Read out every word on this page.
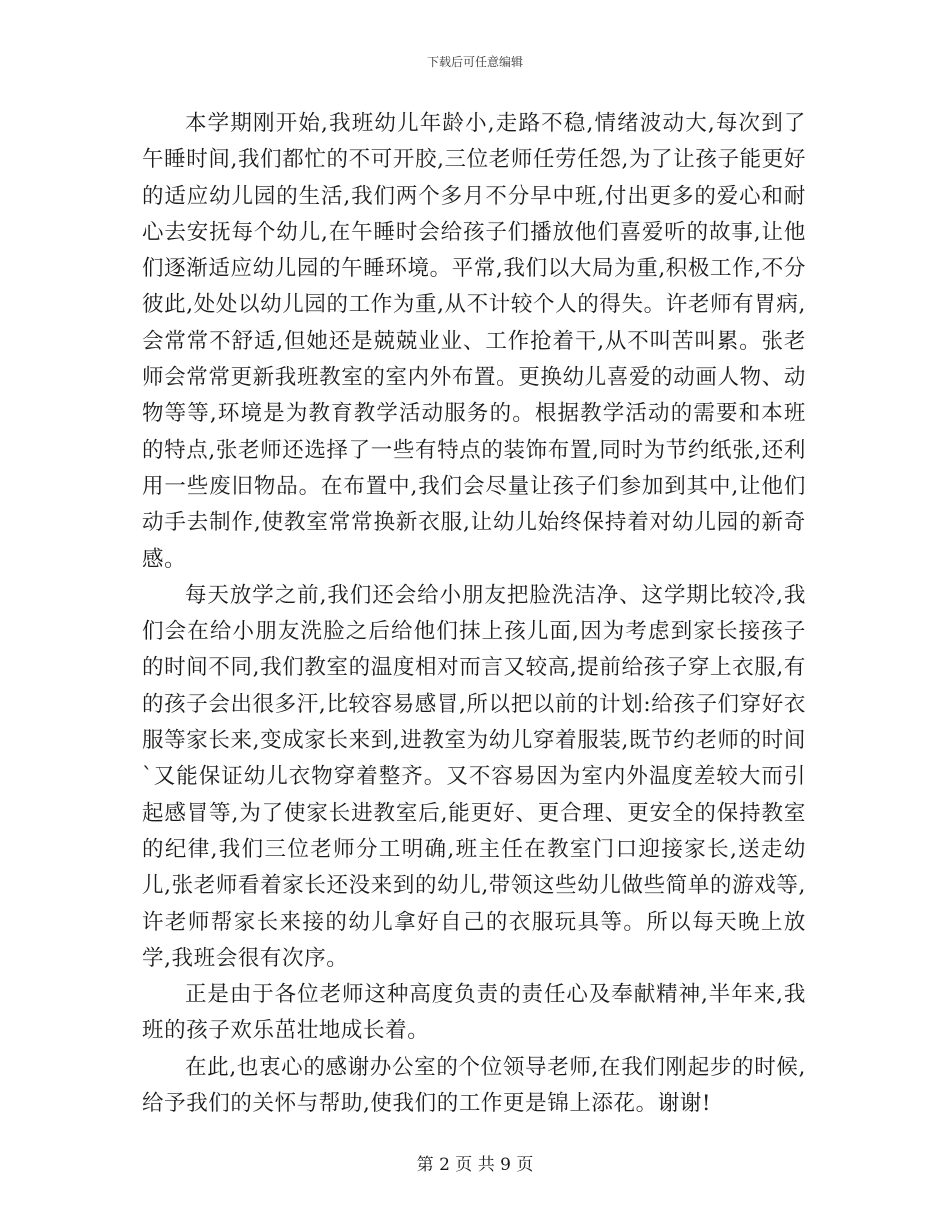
下载后可任意编辑

本学期刚开始,我班幼儿年龄小,走路不稳,情绪波动大,每次到了午睡时间,我们都忙的不可开胶,三位老师任劳任怨,为了让孩子能更好的适应幼儿园的生活,我们两个多月不分早中班,付出更多的爱心和耐心去安抚每个幼儿,在午睡时会给孩子们播放他们喜爱听的故事,让他们逐渐适应幼儿园的午睡环境。平常,我们以大局为重,积极工作,不分彼此,处处以幼儿园的工作为重,从不计较个人的得失。许老师有胃病,会常常不舒适,但她还是兢兢业业、工作抢着干,从不叫苦叫累。张老师会常常更新我班教室的室内外布置。更换幼儿喜爱的动画人物、动物等等,环境是为教育教学活动服务的。根据教学活动的需要和本班的特点,张老师还选择了一些有特点的装饰布置,同时为节约纸张,还利用一些废旧物品。在布置中,我们会尽量让孩子们参加到其中,让他们动手去制作,使教室常常换新衣服,让幼儿始终保持着对幼儿园的新奇感。

每天放学之前,我们还会给小朋友把脸洗洁净、这学期比较冷,我们会在给小朋友洗脸之后给他们抹上孩儿面,因为考虑到家长接孩子的时间不同,我们教室的温度相对而言又较高,提前给孩子穿上衣服,有的孩子会出很多汗,比较容易感冒,所以把以前的计划:给孩子们穿好衣服等家长来,变成家长来到,进教室为幼儿穿着服装,既节约老师的时间`又能保证幼儿衣物穿着整齐。又不容易因为室内外温度差较大而引起感冒等,为了使家长进教室后,能更好、更合理、更安全的保持教室的纪律,我们三位老师分工明确,班主任在教室门口迎接家长,送走幼儿,张老师看着家长还没来到的幼儿,带领这些幼儿做些简单的游戏等,许老师帮家长来接的幼儿拿好自己的衣服玩具等。所以每天晚上放学,我班会很有次序。

正是由于各位老师这种高度负责的责任心及奉献精神,半年来,我班的孩子欢乐茁壮地成长着。

在此,也衷心的感谢办公室的个位领导老师,在我们刚起步的时候,给予我们的关怀与帮助,使我们的工作更是锦上添花。谢谢!

第 2 页 共 9 页
